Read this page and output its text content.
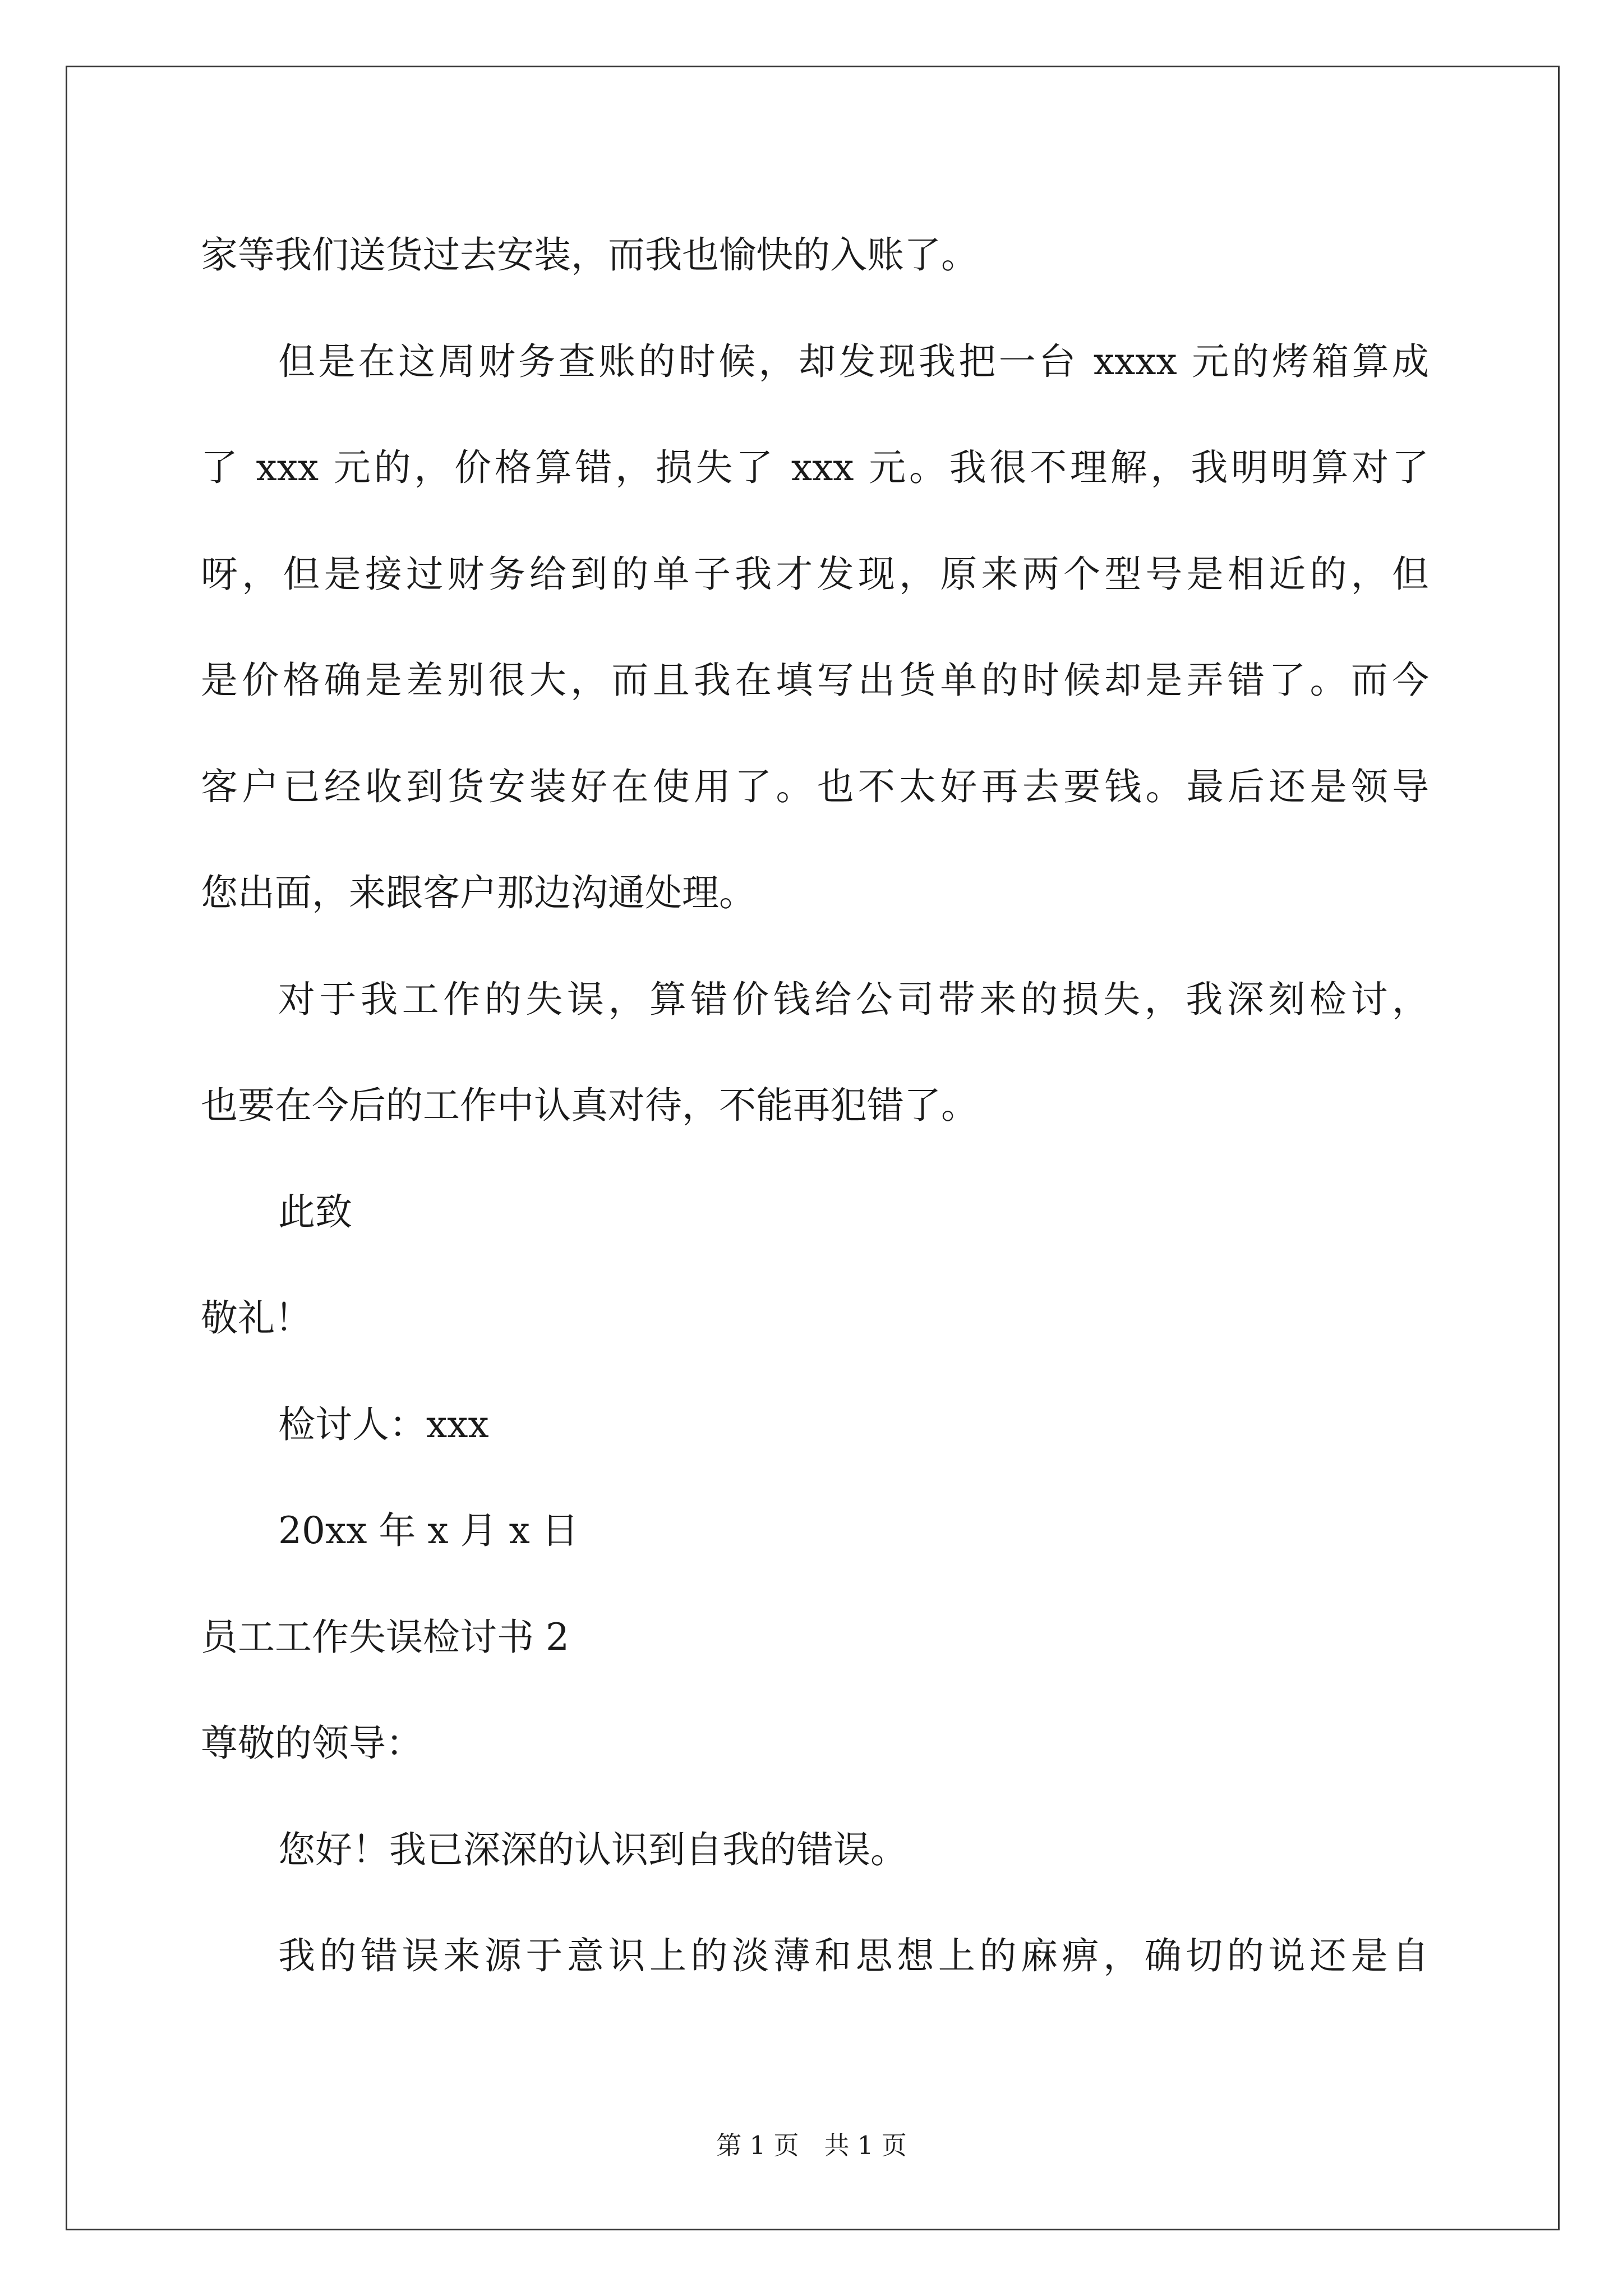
家等我们送货过去安装，而我也愉快的入账了。
但是在这周财务查账的时候，却发现我把一台 xxxx 元的烤箱算成
了 xxx 元的，价格算错，损失了 xxx 元。我很不理解，我明明算对了
呀，但是接过财务给到的单子我才发现，原来两个型号是相近的，但
是价格确是差别很大，而且我在填写出货单的时候却是弄错了。而今
客户已经收到货安装好在使用了。也不太好再去要钱。最后还是领导
您出面，来跟客户那边沟通处理。
对于我工作的失误，算错价钱给公司带来的损失，我深刻检讨，
也要在今后的工作中认真对待，不能再犯错了。
此致
敬礼！
检讨人：xxx
20xx 年 x 月 x 日
员工工作失误检讨书 2
尊敬的领导：
您好！我已深深的认识到自我的错误。
我的错误来源于意识上的淡薄和思想上的麻痹，确切的说还是自
第 1 页　共 1 页
